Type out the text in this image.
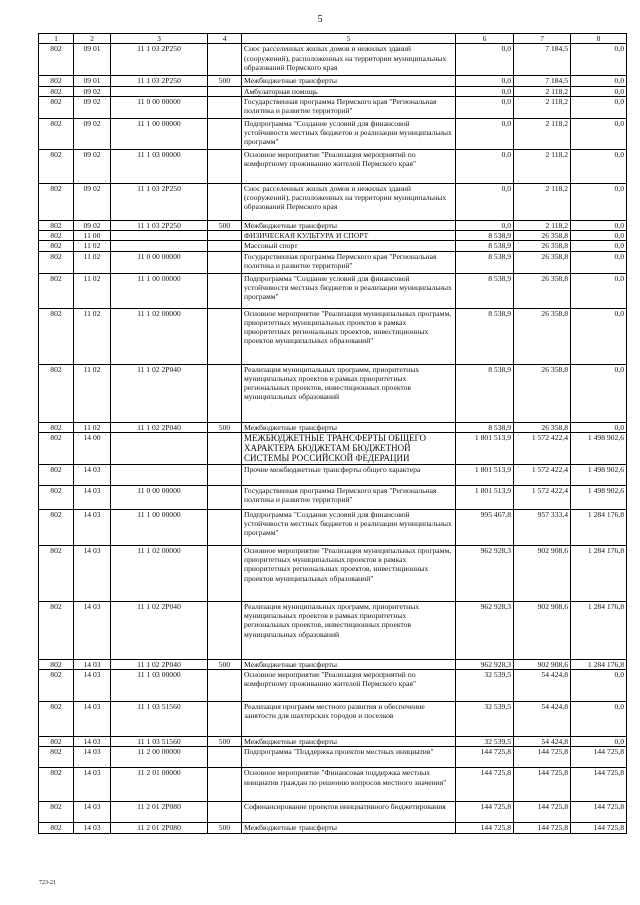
5
1	2	3	4	5	6	7	8
802	09 01	11 1 03 2P250		Снос расселенных жилых домов и нежилых зданий (сооружений), расположенных на территории муниципальных образований Пермского края	0,0	7 184,5	0,0
802	09 01	11 1 03 2P250	500	Межбюджетные трансферты	0,0	7 184,5	0,0
802	09 02			Амбулаторная помощь	0,0	2 118,2	0,0
802	09 02	11 0 00 00000		Государственная программа Пермского края "Региональная политика и развитие территорий"	0,0	2 118,2	0,0
802	09 02	11 1 00 00000		Подпрограмма "Создание условий для финансовой устойчивости местных бюджетов и реализации муниципальных программ"	0,0	2 118,2	0,0
802	09 02	11 1 03 00000		Основное мероприятие "Реализация мероприятий по комфортному проживанию жителей Пермского края"	0,0	2 118,2	0,0
802	09 02	11 1 03 2P250		Снос расселенных жилых домов и нежилых зданий (сооружений), расположенных на территории муниципальных образований Пермского края	0,0	2 118,2	0,0
802	09 02	11 1 03 2P250	500	Межбюджетные трансферты	0,0	2 118,2	0,0
802	11 00			ФИЗИЧЕСКАЯ КУЛЬТУРА И СПОРТ	8 538,9	26 358,8	0,0
802	11 02			Массовый спорт	8 538,9	26 358,8	0,0
802	11 02	11 0 00 00000		Государственная программа Пермского края "Региональная политика и развитие территорий"	8 538,9	26 358,8	0,0
802	11 02	11 1 00 00000		Подпрограмма "Создание условий для финансовой устойчивости местных бюджетов и реализации муниципальных программ"	8 538,9	26 358,8	0,0
802	11 02	11 1 02 00000		Основное мероприятие "Реализация муниципальных программ, приоритетных муниципальных проектов в рамках приоритетных региональных проектов, инвестиционных проектов муниципальных образований"	8 538,9	26 358,8	0,0
802	11 02	11 1 02 2P040		Реализация муниципальных программ, приоритетных муниципальных проектов в рамках приоритетных региональных проектов, инвестиционных проектов муниципальных образований	8 538,9	26 358,8	0,0
802	11 02	11 1 02 2P040	500	Межбюджетные трансферты	8 538,9	26 358,8	0,0
802	14 00			МЕЖБЮДЖЕТНЫЕ ТРАНСФЕРТЫ ОБЩЕГО ХАРАКТЕРА БЮДЖЕТАМ БЮДЖЕТНОЙ СИСТЕМЫ РОССИЙСКОЙ ФЕДЕРАЦИИ	1 801 513,9	1 572 422,4	1 498 902,6
802	14 03			Прочие межбюджетные трансферты общего характера	1 801 513,9	1 572 422,4	1 498 902,6
802	14 03	11 0 00 00000		Государственная программа Пермского края "Региональная политика и развитие территорий"	1 801 513,9	1 572 422,4	1 498 902,6
802	14 03	11 1 00 00000		Подпрограмма "Создание условий для финансовой устойчивости местных бюджетов и реализации муниципальных программ"	995 467,8	957 333,4	1 284 176,8
802	14 03	11 1 02 00000		Основное мероприятие "Реализация муниципальных программ, приоритетных муниципальных проектов в рамках приоритетных региональных проектов, инвестиционных проектов муниципальных образований"	962 928,3	902 908,6	1 284 176,8
802	14 03	11 1 02 2P040		Реализация муниципальных программ, приоритетных муниципальных проектов в рамках приоритетных региональных проектов, инвестиционных проектов муниципальных образований	962 928,3	902 908,6	1 284 176,8
802	14 03	11 1 02 2P040	500	Межбюджетные трансферты	962 928,3	902 908,6	1 284 176,8
802	14 03	11 1 03 00000		Основное мероприятие "Реализация мероприятий по комфортному проживанию жителей Пермского края"	32 539,5	54 424,8	0,0
802	14 03	11 1 03 51560		Реализация программ местного развития и обеспечение занятости для шахтерских городов и поселков	32 539,5	54 424,8	0,0
802	14 03	11 1 03 51560	500	Межбюджетные трансферты	32 539,5	54 424,8	0,0
802	14 03	11 2 00 00000		Подпрограмма "Поддержка проектов местных инициатив"	144 725,8	144 725,8	144 725,8
802	14 03	11 2 01 00000		Основное мероприятие "Финансовая поддержка местных инициатив граждан по решению вопросов местного значения"	144 725,8	144 725,8	144 725,8
802	14 03	11 2 01 2P080		Софинансирование проектов инициативного бюджетирования	144 725,8	144 725,8	144 725,8
802	14 03	11 2 01 2P080	500	Межбюджетные трансферты	144 725,8	144 725,8	144 725,8
723-21
